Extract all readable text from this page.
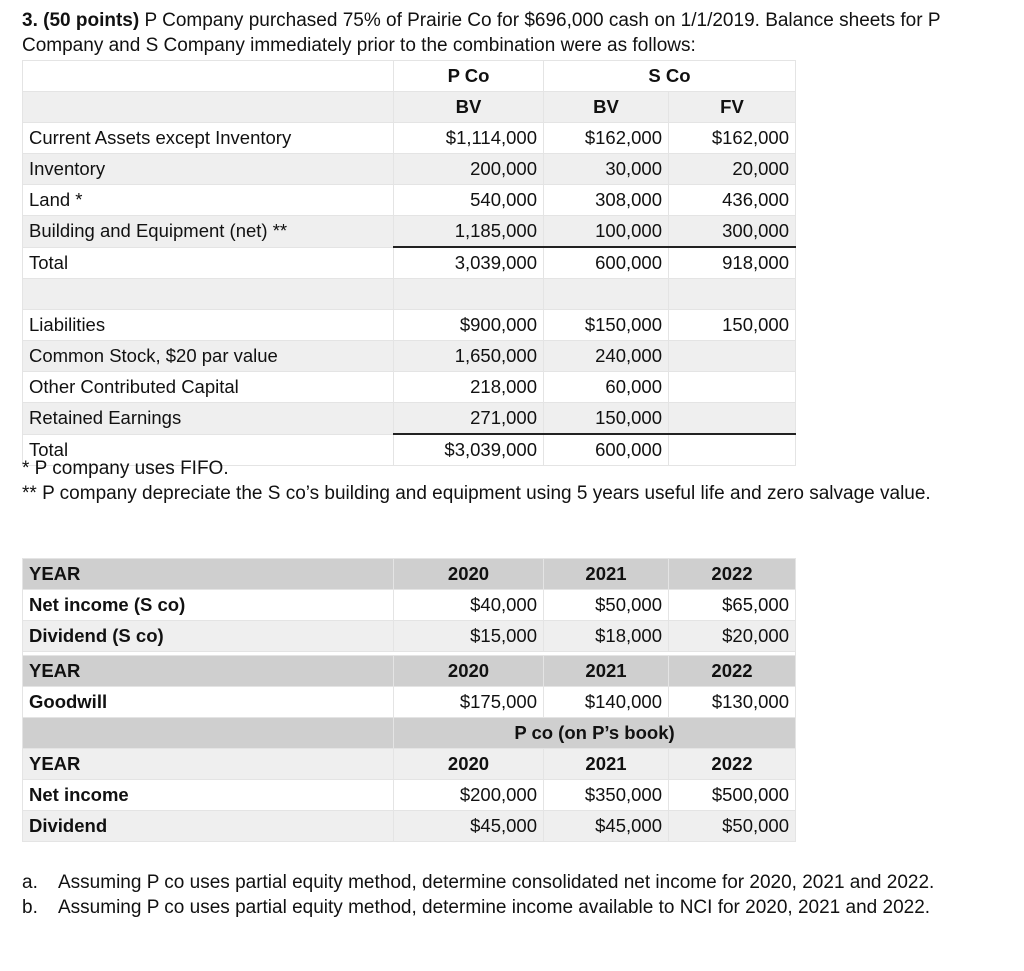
3. (50 points) P Company purchased 75% of Prairie Co for $696,000 cash on 1/1/2019. Balance sheets for P Company and S Company immediately prior to the combination were as follows:
	P Co	S Co	
	BV	BV	FV
Current Assets except Inventory	$1,114,000	$162,000	$162,000
Inventory	200,000	30,000	20,000
Land *	540,000	308,000	436,000
Building and Equipment (net) **	1,185,000	100,000	300,000
Total	3,039,000	600,000	918,000

Liabilities	$900,000	$150,000	150,000
Common Stock, $20 par value	1,650,000	240,000	
Other Contributed Capital	218,000	60,000	
Retained Earnings	271,000	150,000	
Total	$3,039,000	600,000	
* P company uses FIFO.
** P company depreciate the S co’s building and equipment using 5 years useful life and zero salvage value.
YEAR	2020	2021	2022
Net income (S co)	$40,000	$50,000	$65,000
Dividend (S co)	$15,000	$18,000	$20,000

YEAR	2020	2021	2022
Goodwill	$175,000	$140,000	$130,000
	P co (on P’s book)		
YEAR	2020	2021	2022
Net income	$200,000	$350,000	$500,000
Dividend	$45,000	$45,000	$50,000
a.	Assuming P co uses partial equity method, determine consolidated net income for 2020, 2021 and 2022.
b.	Assuming P co uses partial equity method, determine income available to NCI for 2020, 2021 and 2022.
